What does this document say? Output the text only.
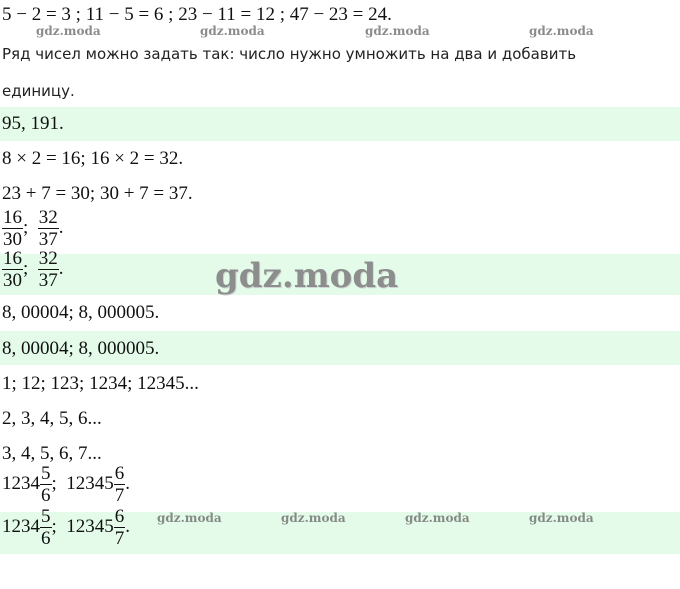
5 − 2 = 3 ; 11 − 5 = 6 ; 23 − 11 = 12 ; 47 − 23 = 24.
gdz.moda	gdz.moda	gdz.moda	gdz.moda
Ряд чисел можно задать так: число нужно умножить на два и добавить
единицу.
95, 191.
8 × 2 = 16; 16 × 2 = 32.
23 + 7 = 30; 30 + 7 = 37.
$\frac{16}{30}$ ; $\frac{32}{37}$ .
$\frac{16}{30}$ ; $\frac{32}{37}$ .	gdz.moda
8, 00004; 8, 000005.
8, 00004; 8, 000005.
1; 12; 123; 1234; 12345...
2, 3, 4, 5, 6...
3, 4, 5, 6, 7...
$1234 \frac{5}{6}$ ;  $12345 \frac{6}{7}$ .
gdz.moda	gdz.moda	gdz.moda	gdz.moda
$1234 \frac{5}{6}$ ;  $12345 \frac{6}{7}$ .
